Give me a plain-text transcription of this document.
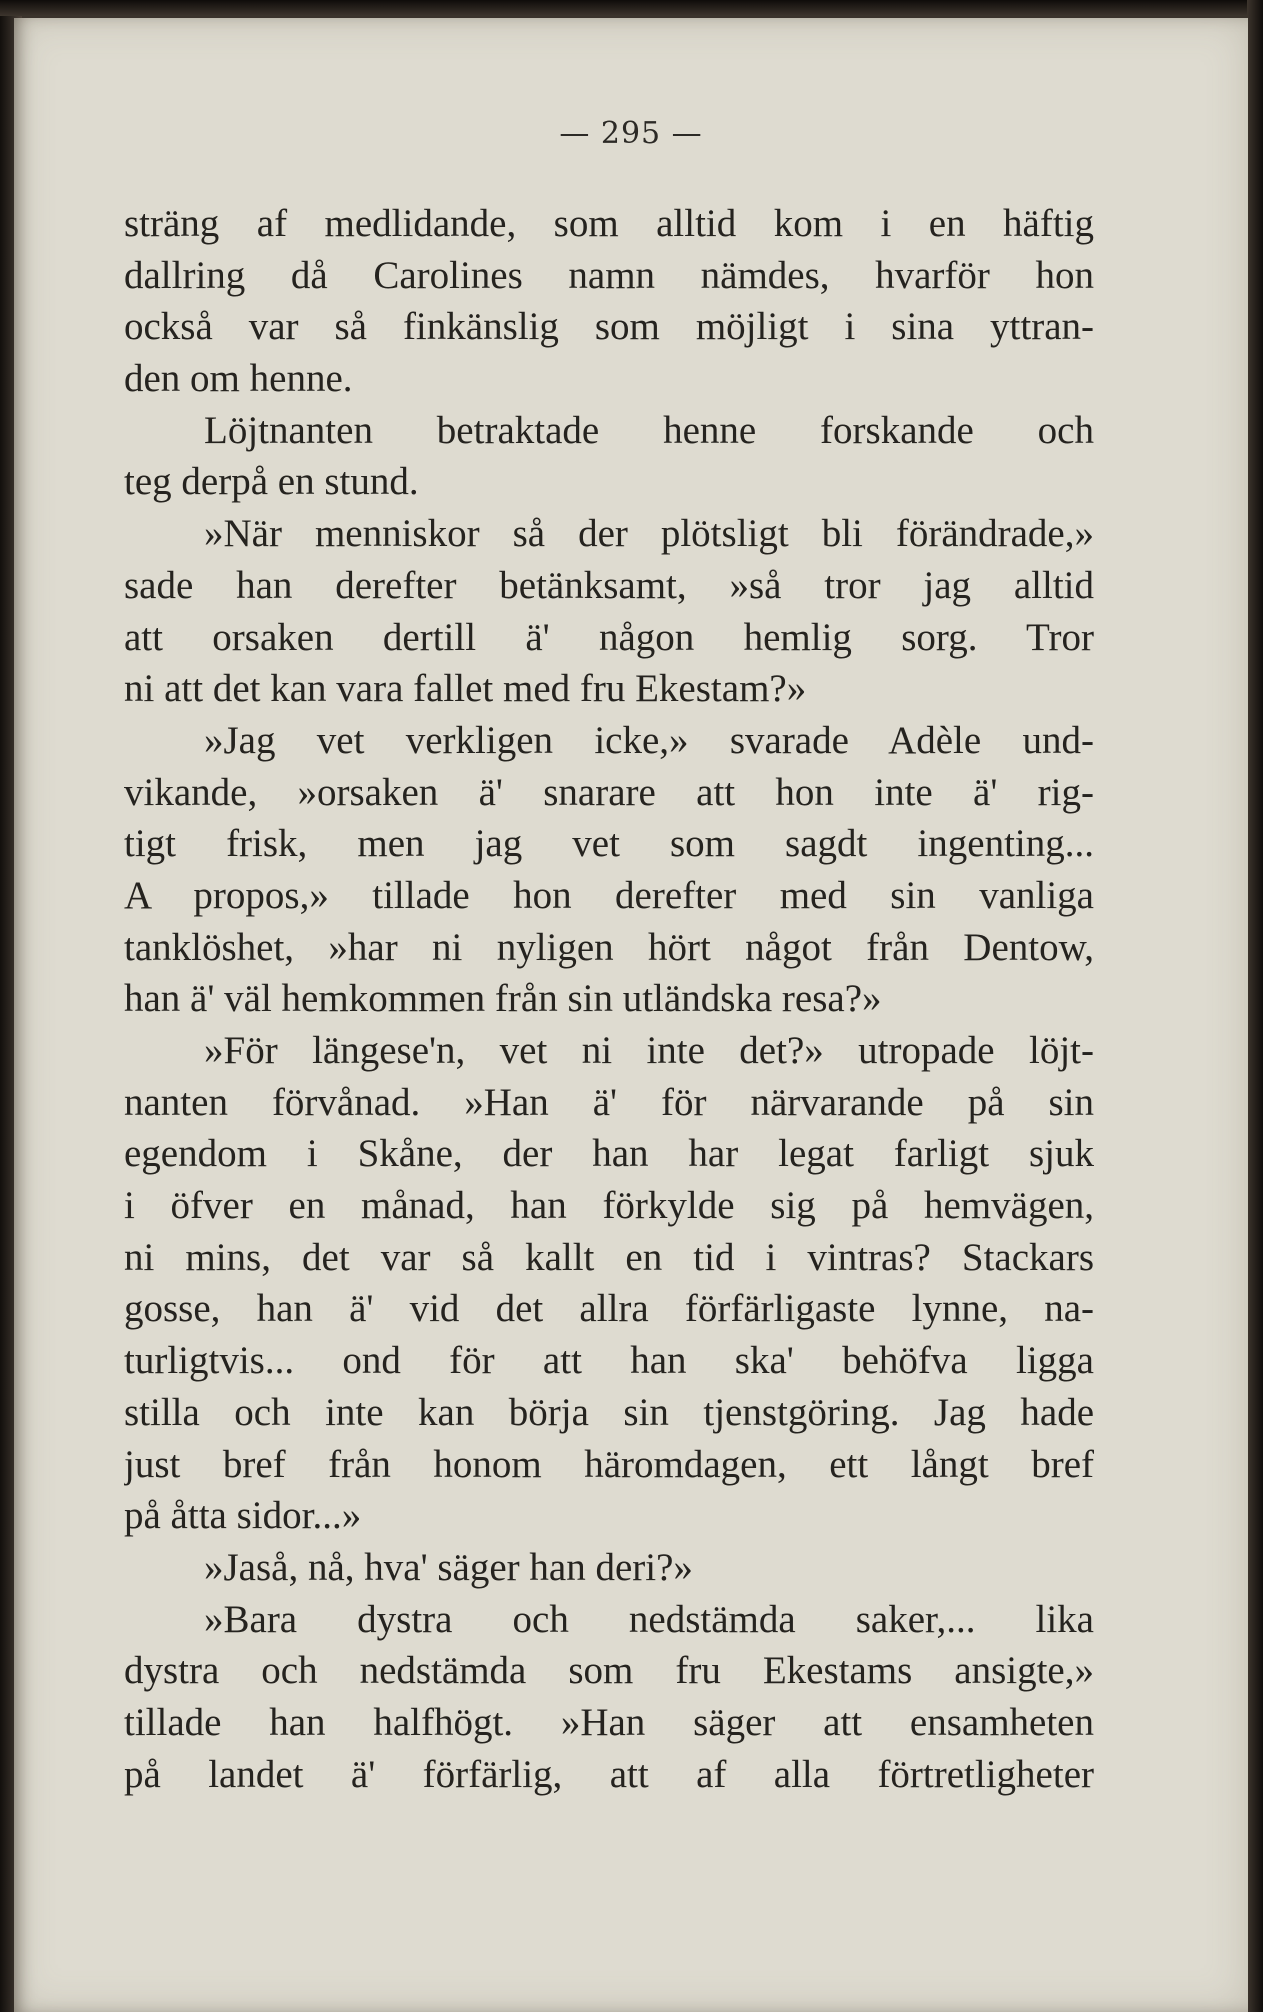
— 295 —
sträng af medlidande, som alltid kom i en häftig
dallring då Carolines namn nämdes, hvarför hon
också var så finkänslig som möjligt i sina yttran-
den om henne.
Löjtnanten betraktade henne forskande och
teg derpå en stund.
»När menniskor så der plötsligt bli förändrade,»
sade han derefter betänksamt, »så tror jag alltid
att orsaken dertill ä' någon hemlig sorg. Tror
ni att det kan vara fallet med fru Ekestam?»
»Jag vet verkligen icke,» svarade Adèle und-
vikande, »orsaken ä' snarare att hon inte ä' rig-
tigt frisk, men jag vet som sagdt ingenting...
A propos,» tillade hon derefter med sin vanliga
tanklöshet, »har ni nyligen hört något från Dentow,
han ä' väl hemkommen från sin utländska resa?»
»För längese'n, vet ni inte det?» utropade löjt-
nanten förvånad. »Han ä' för närvarande på sin
egendom i Skåne, der han har legat farligt sjuk
i öfver en månad, han förkylde sig på hemvägen,
ni mins, det var så kallt en tid i vintras? Stackars
gosse, han ä' vid det allra förfärligaste lynne, na-
turligtvis... ond för att han ska' behöfva ligga
stilla och inte kan börja sin tjenstgöring. Jag hade
just bref från honom häromdagen, ett långt bref
på åtta sidor...»
»Jaså, nå, hva' säger han deri?»
»Bara dystra och nedstämda saker,... lika
dystra och nedstämda som fru Ekestams ansigte,»
tillade han halfhögt. »Han säger att ensamheten
på landet ä' förfärlig, att af alla förtretligheter
